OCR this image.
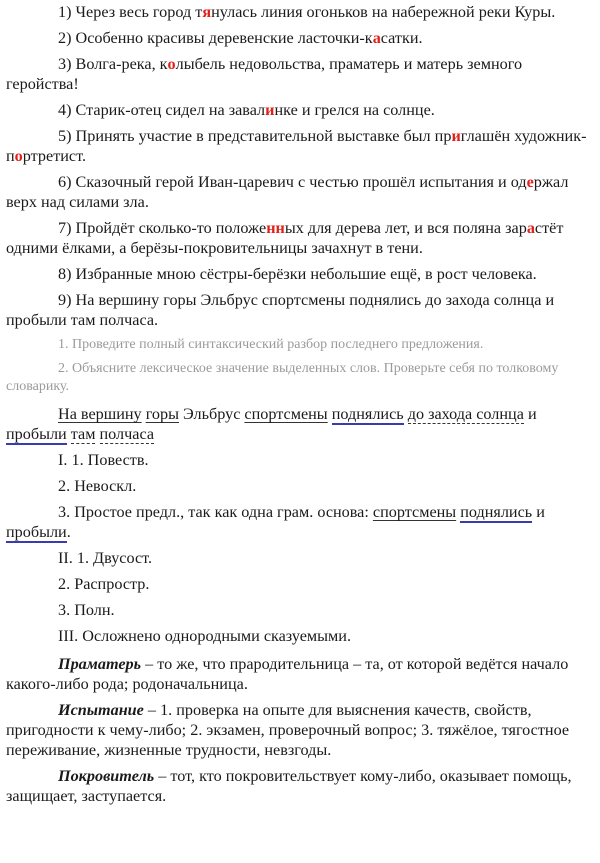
1) Через весь город тянулась линия огоньков на набережной реки Куры.

2) Особенно красивы деревенские ласточки-касатки.

3) Волга-река, колыбель недовольства, праматерь и матерь земного геройства!

4) Старик-отец сидел на завалинке и грелся на солнце.

5) Принять участие в представительной выставке был приглашён художник-портретист.

6) Сказочный герой Иван-царевич с честью прошёл испытания и одержал верх над силами зла.

7) Пройдёт сколько-то положенных для дерева лет, и вся поляна зарастёт одними ёлками, а берёзы-покровительницы зачахнут в тени.

8) Избранные мною сёстры-берёзки небольшие ещё, в рост человека.

9) На вершину горы Эльбрус спортсмены поднялись до захода солнца и пробыли там полчаса.

1. Проведите полный синтаксический разбор последнего предложения.

2. Объясните лексическое значение выделенных слов. Проверьте себя по толковому словарику.

На вершину горы Эльбрус спортсмены поднялись до захода солнца и пробыли там полчаса

I. 1. Повеств.

2. Невоскл.

3. Простое предл., так как одна грам. основа: спортсмены поднялись и пробыли.

II. 1. Двусост.

2. Распростр.

3. Полн.

III. Осложнено однородными сказуемыми.

Праматерь – то же, что прародительница – та, от которой ведётся начало какого-либо рода; родоначальница.

Испытание – 1. проверка на опыте для выяснения качеств, свойств, пригодности к чему-либо; 2. экзамен, проверочный вопрос; 3. тяжёлое, тягостное переживание, жизненные трудности, невзгоды.

Покровитель – тот, кто покровительствует кому-либо, оказывает помощь, защищает, заступается.
